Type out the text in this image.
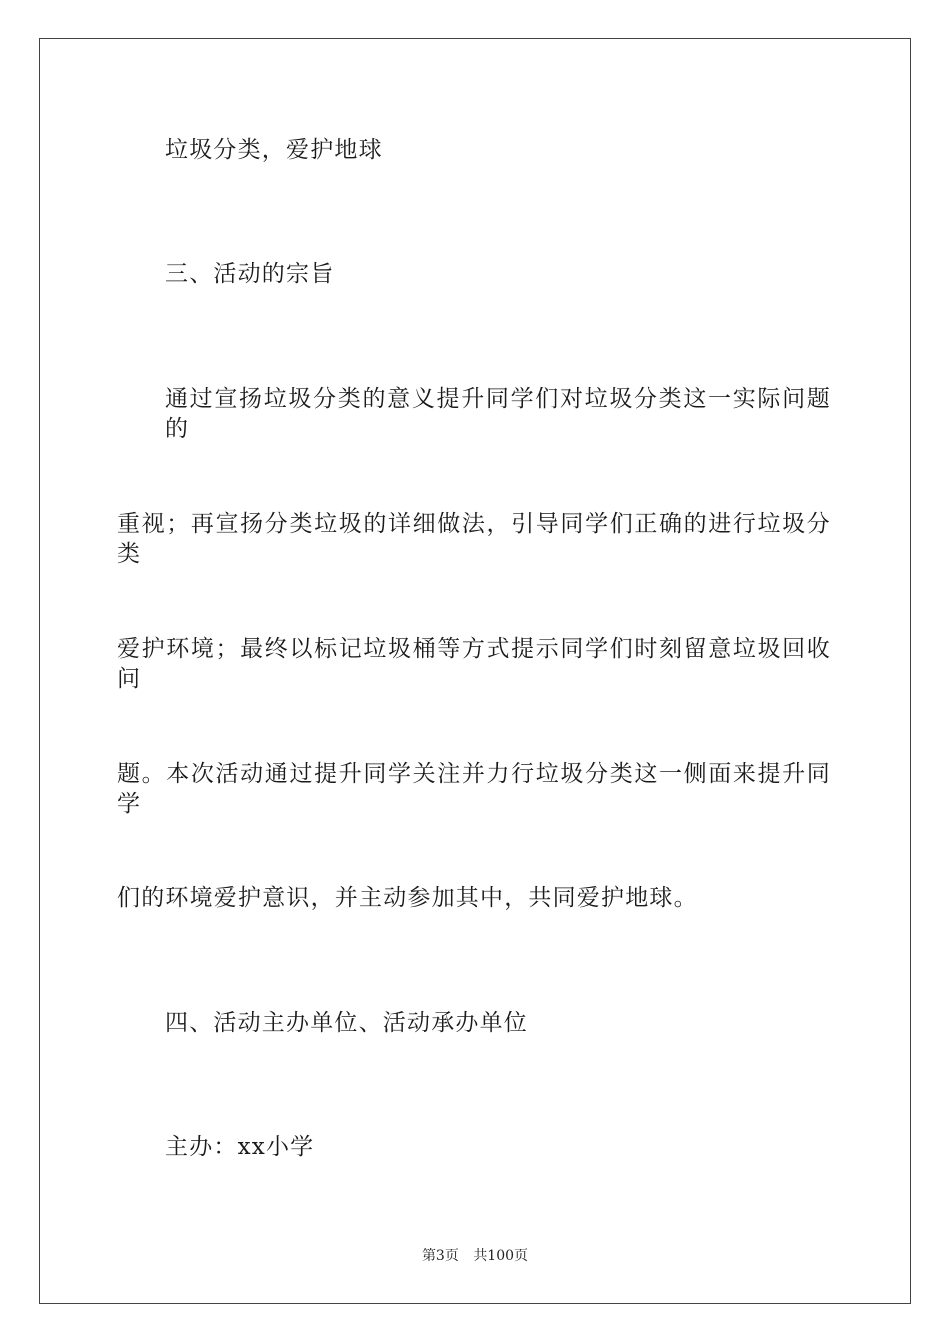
垃圾分类，爱护地球
三、活动的宗旨
通过宣扬垃圾分类的意义提升同学们对垃圾分类这一实际问题的
重视；再宣扬分类垃圾的详细做法，引导同学们正确的进行垃圾分类
爱护环境；最终以标记垃圾桶等方式提示同学们时刻留意垃圾回收问
题。本次活动通过提升同学关注并力行垃圾分类这一侧面来提升同学
们的环境爱护意识，并主动参加其中，共同爱护地球。
四、活动主办单位、活动承办单位
主办：xx小学
第3页 共100页
